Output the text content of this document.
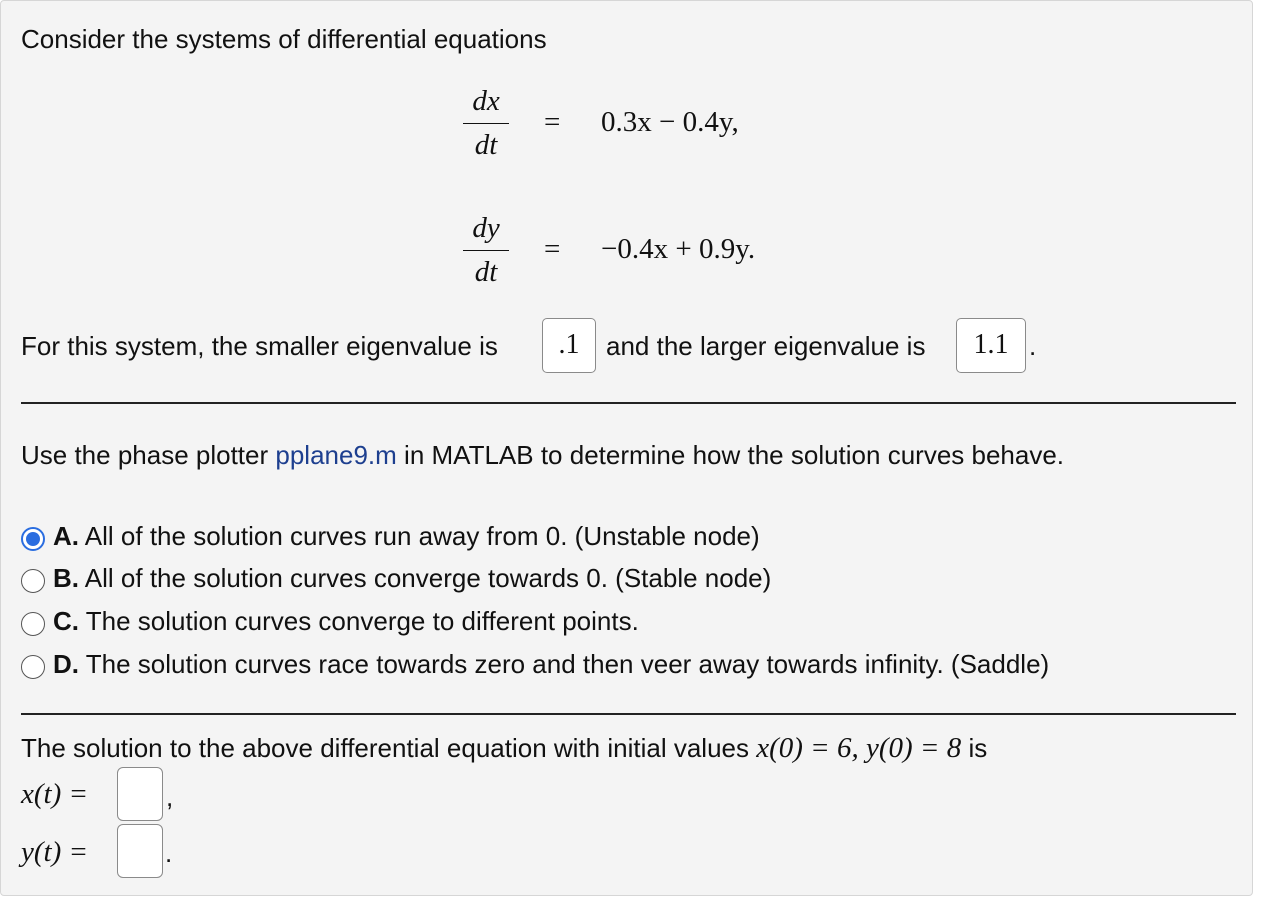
Consider the systems of differential equations
dx
dt
= 0.3x − 0.4y,
dy
dt
= −0.4x + 0.9y.
For this system, the smaller eigenvalue is	.1	and the larger eigenvalue is	1.1 .
Use the phase plotter pplane9.m in MATLAB to determine how the solution curves behave.
A. All of the solution curves run away from 0. (Unstable node)
B. All of the solution curves converge towards 0. (Stable node)
C. The solution curves converge to different points.
D. The solution curves race towards zero and then veer away towards infinity. (Saddle)
The solution to the above differential equation with initial values x(0) = 6, y(0) = 8 is
x(t) =	,
y(t) =	.
